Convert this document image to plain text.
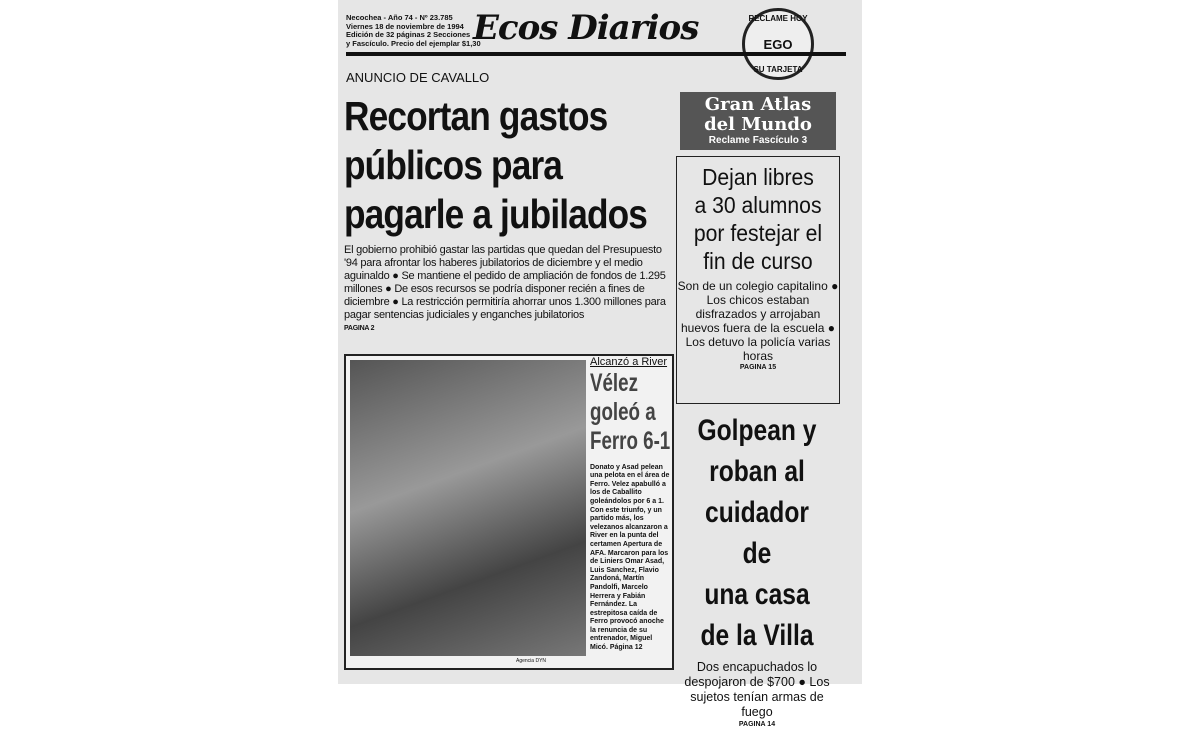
Necochea - Año 74 - Nº 23.785
Viernes 18 de noviembre de 1994
Edición de 32 páginas 2 Secciones
y Fascículo. Precio del ejemplar $1,30
Ecos Diarios	RECLAME HOY
EGO
SU TARJETA
ANUNCIO DE CAVALLO
Recortan gastos
públicos para
pagarle a jubilados
El gobierno prohibió gastar las partidas que quedan del Presupuesto '94 para afrontar los haberes jubilatorios de diciembre y el medio aguinaldo ● Se mantiene el pedido de ampliación de fondos de 1.295 millones ● De esos recursos se podría disponer recién a fines de diciembre ● La restricción permitiría ahorrar unos 1.300 millones para pagar sentencias judiciales y enganches jubilatorios
PAGINA 2
Agencia DYN
Alcanzó a River
Vélez
goleó a
Ferro 6-1
Donato y Asad pelean una pelota en el área de Ferro. Velez apabulló a los de Caballito goleándolos por 6 a 1. Con este triunfo, y un partido más, los velezanos alcanzaron a River en la punta del certamen Apertura de AFA. Marcaron para los de Liniers Omar Asad, Luis Sanchez, Flavio Zandoná, Martín Pandolfi, Marcelo Herrera y Fabián Fernández. La estrepitosa caída de Ferro provocó anoche la renuncia de su entrenador, Miguel Micó. Página 12
Gran Atlas
del Mundo
Reclame Fascículo 3
Dejan libres
a 30 alumnos
por festejar el
fin de curso
Son de un colegio capitalino ● Los chicos estaban disfrazados y arrojaban huevos fuera de la escuela ● Los detuvo la policía varias horas
PAGINA 15
Golpean y
roban al
cuidador de
una casa
de la Villa
Dos encapuchados lo despojaron de $700 ● Los sujetos tenían armas de fuego
PAGINA 14
